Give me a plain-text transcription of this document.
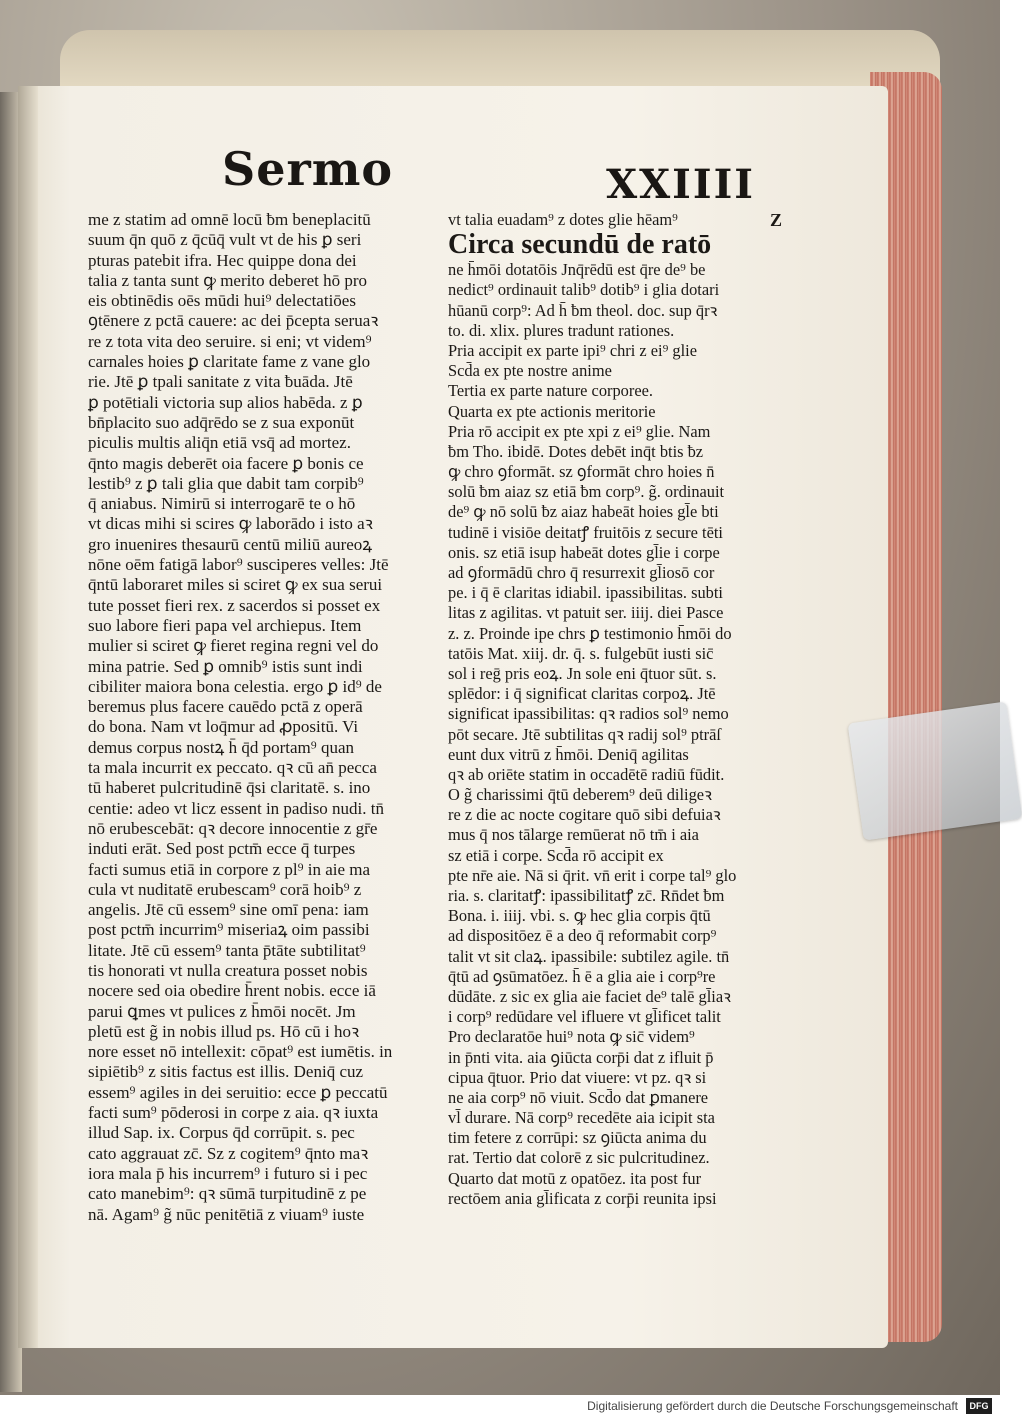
Sermo	XXIIII
me z statim ad omnē locū ƀm beneplacitū
suum q̄n quō z q̄cūq̄ vult vt de his ꝑ seri
pturas patebit ifra. Hec quippe dona dei
talia z tanta sunt ꝙ merito deberet hō pro
eis obtinēdis oēs mūdi hui⁹ delectatiōes
ꝯtēnere z pctā cauere: ac dei p̄cepta seruaꝛ
re z tota vita deo seruire. si eni; vt videm⁹
carnales hoies ꝑ claritate fame z vane glo
rie. Jtē ꝑ tpali sanitate z vita ƀuāda. Jtē
ꝑ potētiali victoria sup alios habēda. z ꝑ
bn̄placito suo adq̄rēdo se z sua exponūt
piculis multis aliq̄n etiā vsq̄ ad mortez.
q̄nto magis deberēt oia facere ꝑ bonis ce
lestib⁹ z ꝑ tali glia que dabit tam corpib⁹
q̄ aniabus. Nimirū si interrogarē te o hō
vt dicas mihi si scires ꝙ laborādo i isto aꝛ
gro inuenires thesaurū centū miliū aureoꝝ
nōne oēm fatigā labor⁹ susciperes velles: Jtē
q̄ntū laboraret miles si sciret ꝙ ex sua serui
tute posset fieri rex. z sacerdos si posset ex
suo labore fieri papa vel archiepus. Item
mulier si sciret ꝙ fieret regina regni vel do
mina patrie. Sed ꝑ omnib⁹ istis sunt indi
cibiliter maiora bona celestia. ergo ꝑ id⁹ de
beremus plus facere cauēdo pctā z operā
do bona. Nam vt loq̄mur ad ꝓpositū. Vi
demus corpus nostꝝ h̄ q̄d portam⁹ quan
ta mala incurrit ex peccato. qꝛ cū an̄ pecca
tū haberet pulcritudinē q̄si claritatē. s. ino
centie: adeo vt licz essent in padiso nudi. tn̄
nō erubescebāt: qꝛ decore innocentie z gr̄e
induti erāt. Sed post pctm̄ ecce q̄ turpes
facti sumus etiā in corpore z pl⁹ in aie ma
cula vt nuditatē erubescam⁹ corā hoib⁹ z
angelis. Jtē cū essem⁹ sine omī pena: iam
post pctm̄ incurrim⁹ miseriaꝝ oim passibi
litate. Jtē cū essem⁹ tanta p̄tāte subtilitat⁹
tis honorati vt nulla creatura posset nobis
nocere sed oia obedire h̄rent nobis. ecce iā
parui ꝗmes vt pulices z h̄mōi nocēt. Jm
pletū est g̃ in nobis illud ps. Hō cū i hoꝛ
nore esset nō intellexit: cōpat⁹ est iumētis. in
sipiētib⁹ z sitis factus est illis. Deniq̄ cuz
essem⁹ agiles in dei seruitio: ecce ꝑ peccatū
facti sum⁹ pōderosi in corpe z aia. qꝛ iuxta
illud Sap. ix. Corpus q̄d corrūpit. s. pec
cato aggrauat zc̄. Sz z cogitem⁹ q̄nto maꝛ
iora mala p̄ his incurrem⁹ i futuro si i pec
cato manebim⁹: qꝛ sūmā turpitudinē z pe
nā. Agam⁹ g̃ nūc penitētiā z viuam⁹ iuste
vt talia euadam⁹ z dotes glie hēam⁹	Z
Circa secundū de ratō
ne h̄mōi dotatōis Jnq̄rēdū est q̄re de⁹ be
nedict⁹ ordinauit talib⁹ dotib⁹ i glia dotari
hūanū corp⁹: Ad h̄ ƀm theol. doc. sup q̄rꝛ
to. di. xlix. plures tradunt rationes.
Pria accipit ex parte ipi⁹ chri z ei⁹ glie
Scd̄a ex pte nostre anime
Tertia ex parte nature corporee.
Quarta ex pte actionis meritorie
Pria rō accipit ex pte xpi z ei⁹ glie. Nam
ƀm Tho. ibidē. Dotes debēt inq̄t btis ƀz
ꝙ chro ꝯformāt. sz ꝯformāt chro hoies n̄
solū ƀm aiaz sz etiā ƀm corp⁹. g̃. ordinauit
de⁹ ꝙ nō solū ƀz aiaz habeāt hoies gl̄e bti
tudinē i visiōe deitatꝭ fruitōis z secure tēti
onis. sz etiā isup habeāt dotes gl̄ie i corpe
ad ꝯformādū chro q̄ resurrexit gl̄iosō cor
pe. i q̄ ē claritas idiabil. ipassibilitas. subti
litas z agilitas. vt patuit ser. iiij. diei Pasce
z. z. Proinde ipe chrs ꝑ testimonio h̄mōi do
tatōis Mat. xiij. dr. q̄. s. fulgebūt iusti sic̄
sol i reḡ pris eoꝝ. Jn sole eni q̄tuor sūt. s.
splēdor: i q̄ significat claritas corpoꝝ. Jtē
significat ipassibilitas: qꝛ radios sol⁹ nemo
pōt secare. Jtē subtilitas qꝛ radij sol⁹ ptrāſ
eunt dux vitrū z h̄mōi. Deniq̄ agilitas
qꝛ ab oriēte statim in occadētē radiū fūdit.
O g̃ charissimi q̄tū deberem⁹ deū diligeꝛ
re z die ac nocte cogitare quō sibi defuiaꝛ
mus q̄ nos tālarge remūerat nō tm̄ i aia
sz etiā i corpe. Scd̄a rō accipit ex
pte nr̄e aie. Nā si q̄rit. vn̄ erit i corpe tal⁹ glo
ria. s. claritatꝭ: ipassibilitatꝭ zc̄. Rn̄det ƀm
Bona. i. iiij. vbi. s. ꝙ hec glia corpis q̄tū
ad dispositōez ē a deo q̄ reformabit corp⁹
talit vt sit claꝝ. ipassibile: subtilez agile. tn̄
q̄tū ad ꝯsūmatōez. h̄ ē a glia aie i corp⁹re
dūdāte. z sic ex glia aie faciet de⁹ talē gl̄iaꝛ
i corp⁹ redūdare vel ifluere vt gl̄ificet talit
Pro declaratōe hui⁹ nota ꝙ sic̄ videm⁹
in p̄nti vita. aia ꝯiūcta corp̄i dat z ifluit p̄
cipua q̄tuor. Prio dat viuere: vt pz. qꝛ si
ne aia corp⁹ nō viuit. Scd̄o dat ꝑmanere
vl̄ durare. Nā corp⁹ recedēte aia icipit sta
tim fetere z corrūpi: sz ꝯiūcta anima du
rat. Tertio dat colorē z sic pulcritudinez.
Quarto dat motū z opatōez. ita post fur
rectōem ania gl̄ificata z corp̄i reunita ipsi
Digitalisierung gefördert durch die Deutsche Forschungsgemeinschaft	DFG
